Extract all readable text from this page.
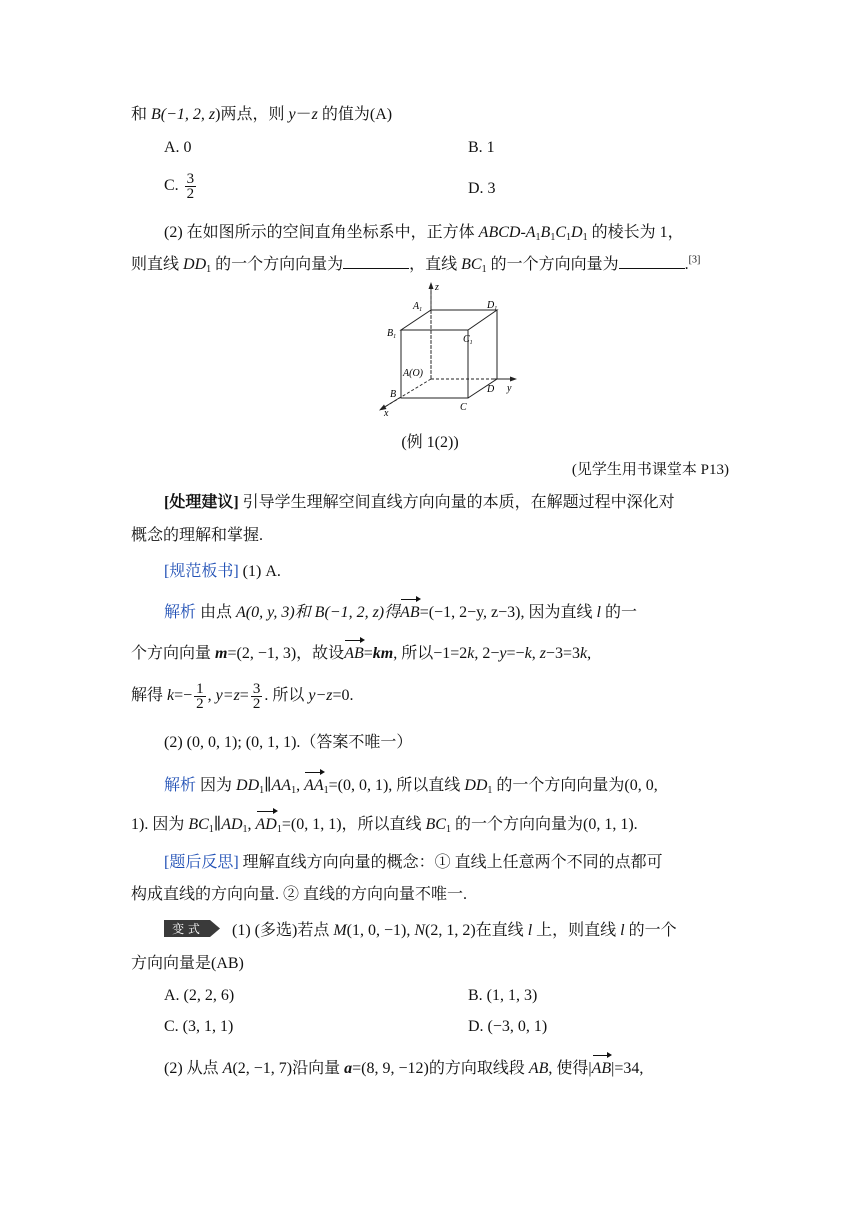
和 B(−1, 2, z)两点，则 y－z 的值为(A)
A. 0	B. 1
C. $\frac{3}{2}$	D. 3
(2) 在如图所示的空间直角坐标系中，正方体 ABCD-$A_1B_1C_1D_1$ 的棱长为 1，
则直线 $DD_1$ 的一个方向向量为	，直线 $BC_1$ 的一个方向向量为	.[3]
z
y
x
$A_1$	$D_1$
$B_1$	$C_1$
A(O)
B
C
D
(例 1(2))
(见学生用书课堂本 P13)
[处理建议] 引导学生理解空间直线方向向量的本质，在解题过程中深化对
概念的理解和掌握.
[规范板书] (1) A.
解析 由点 A(0, y, 3)和 B(−1, 2, z)得AB=(−1, 2−y, z−3), 因为直线 l 的一
个方向向量 m=(2, −1, 3)，故设AB=km, 所以−1=2k, 2−y=−k, z−3=3k,
解得 $k=- \frac{1}{2}$ , $y=z= \frac{3}{2}$ . 所以 y−z=0.
(2) (0, 0, 1); (0, 1, 1).（答案不唯一）
解析 因为 $DD_1\parallel AA_1$, $AA_1=(0$, 0, 1), 所以直线 $DD_1$ 的一个方向向量为(0, 0,
1). 因为 $BC_1\parallel AD_1$, $AD_1=(0$, 1, 1)，所以直线 $BC_1$ 的一个方向向量为(0, 1, 1).
[题后反思] 理解直线方向向量的概念：① 直线上任意两个不同的点都可
构成直线的方向向量. ② 直线的方向向量不唯一.
变 式 (1) (多选)若点 M(1, 0, −1), N(2, 1, 2)在直线 l 上，则直线 l 的一个
方向向量是(AB)
A. (2, 2, 6)	B. (1, 1, 3)
C. (3, 1, 1)	D. (−3, 0, 1)
(2) 从点 A(2, −1, 7)沿向量 a=(8, 9, −12)的方向取线段 AB, 使得|AB|=34,
